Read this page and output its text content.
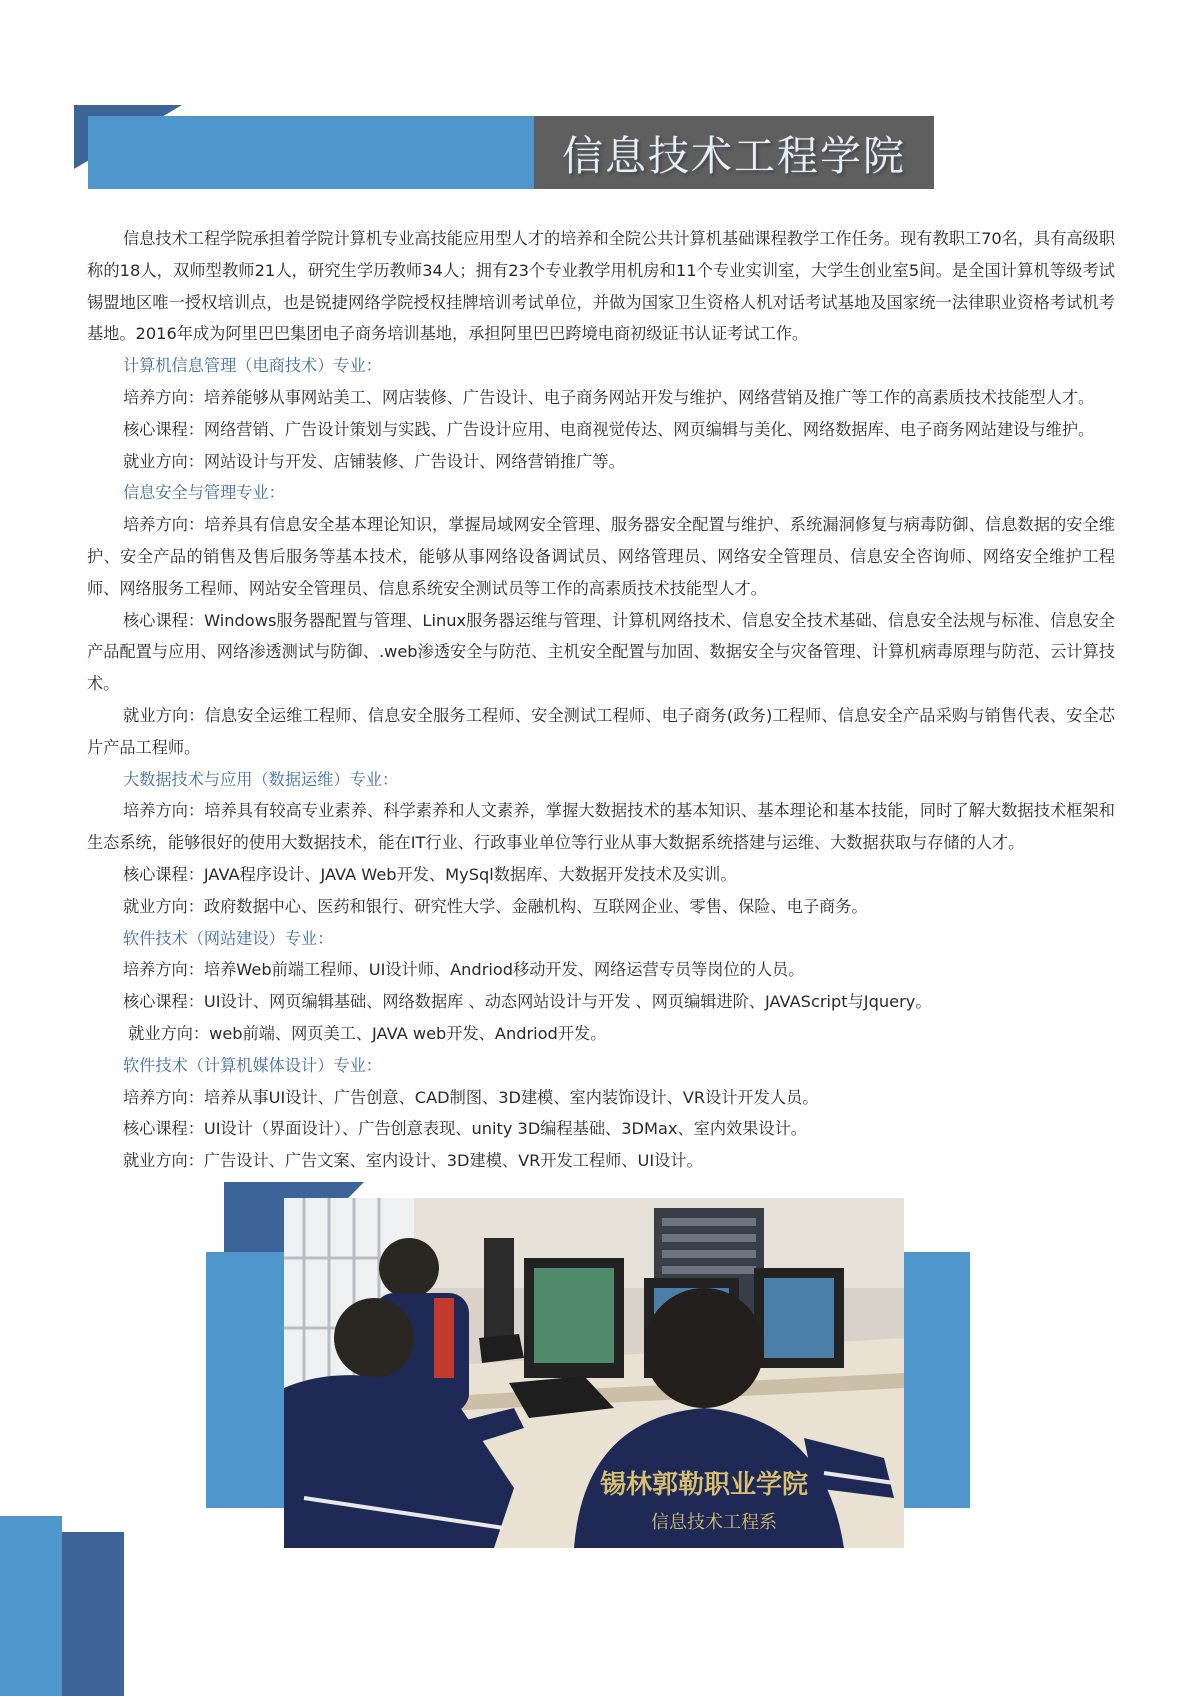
信息技术工程学院

信息技术工程学院承担着学院计算机专业高技能应用型人才的培养和全院公共计算机基础课程教学工作任务。现有教职工70名，具有高级职称的18人，双师型教师21人，研究生学历教师34人；拥有23个专业教学用机房和11个专业实训室，大学生创业室5间。是全国计算机等级考试锡盟地区唯一授权培训点，也是锐捷网络学院授权挂牌培训考试单位，并做为国家卫生资格人机对话考试基地及国家统一法律职业资格考试机考基地。2016年成为阿里巴巴集团电子商务培训基地，承担阿里巴巴跨境电商初级证书认证考试工作。

计算机信息管理（电商技术）专业：

培养方向：培养能够从事网站美工、网店装修、广告设计、电子商务网站开发与维护、网络营销及推广等工作的高素质技术技能型人才。

核心课程：网络营销、广告设计策划与实践、广告设计应用、电商视觉传达、网页编辑与美化、网络数据库、电子商务网站建设与维护。

就业方向：网站设计与开发、店铺装修、广告设计、网络营销推广等。

信息安全与管理专业：

培养方向：培养具有信息安全基本理论知识，掌握局域网安全管理、服务器安全配置与维护、系统漏洞修复与病毒防御、信息数据的安全维护、安全产品的销售及售后服务等基本技术，能够从事网络设备调试员、网络管理员、网络安全管理员、信息安全咨询师、网络安全维护工程师、网络服务工程师、网站安全管理员、信息系统安全测试员等工作的高素质技术技能型人才。

核心课程：Windows服务器配置与管理、Linux服务器运维与管理、计算机网络技术、信息安全技术基础、信息安全法规与标准、信息安全产品配置与应用、网络渗透测试与防御、.web渗透安全与防范、主机安全配置与加固、数据安全与灾备管理、计算机病毒原理与防范、云计算技术。

就业方向：信息安全运维工程师、信息安全服务工程师、安全测试工程师、电子商务(政务)工程师、信息安全产品采购与销售代表、安全芯片产品工程师。

大数据技术与应用（数据运维）专业：

培养方向：培养具有较高专业素养、科学素养和人文素养，掌握大数据技术的基本知识、基本理论和基本技能，同时了解大数据技术框架和生态系统，能够很好的使用大数据技术，能在IT行业、行政事业单位等行业从事大数据系统搭建与运维、大数据获取与存储的人才。

核心课程：JAVA程序设计、JAVA Web开发、MySql数据库、大数据开发技术及实训。

就业方向：政府数据中心、医药和银行、研究性大学、金融机构、互联网企业、零售、保险、电子商务。

软件技术（网站建设）专业：

培养方向：培养Web前端工程师、UI设计师、Andriod移动开发、网络运营专员等岗位的人员。

核心课程：UI设计、网页编辑基础、网络数据库 、动态网站设计与开发 、网页编辑进阶、JAVAScript与Jquery。

就业方向：web前端、网页美工、JAVA web开发、Andriod开发。

软件技术（计算机媒体设计）专业：

培养方向：培养从事UI设计、广告创意、CAD制图、3D建模、室内装饰设计、VR设计开发人员。

核心课程：UI设计（界面设计）、广告创意表现、unity 3D编程基础、3DMax、室内效果设计。

就业方向：广告设计、广告文案、室内设计、3D建模、VR开发工程师、UI设计。

锡林郭勒职业学院
信息技术工程系
